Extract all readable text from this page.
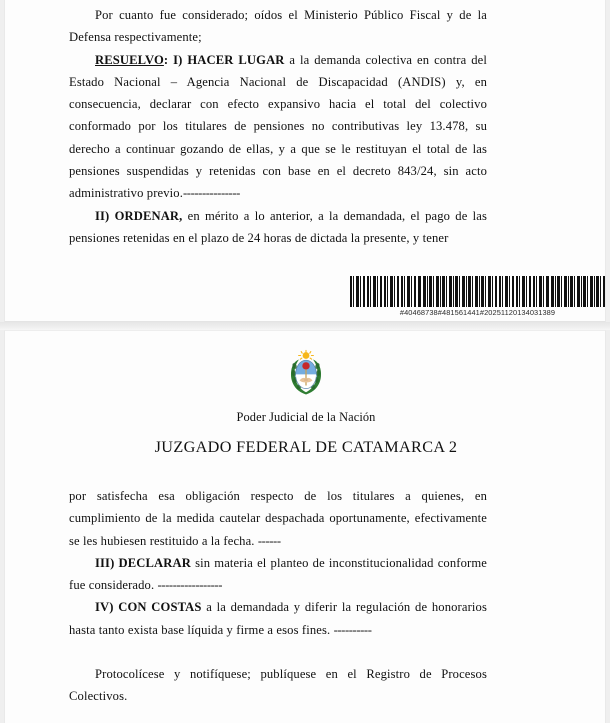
Por cuanto fue considerado; oídos el Ministerio Público Fiscal y de la Defensa respectivamente;

RESUELVO: I) HACER LUGAR a la demanda colectiva en contra del Estado Nacional – Agencia Nacional de Discapacidad (ANDIS) y, en consecuencia, declarar con efecto expansivo hacia el total del colectivo conformado por los titulares de pensiones no contributivas ley 13.478, su derecho a continuar gozando de ellas, y a que se le restituyan el total de las pensiones suspendidas y retenidas con base en el decreto 843/24, sin acto administrativo previo.---------------

II) ORDENAR, en mérito a lo anterior, a la demandada, el pago de las pensiones retenidas en el plazo de 24 horas de dictada la presente, y tener

#40468738#481561441#20251120134031389
Poder Judicial de la Nación
JUZGADO FEDERAL DE CATAMARCA 2

por satisfecha esa obligación respecto de los titulares a quienes, en cumplimiento de la medida cautelar despachada oportunamente, efectivamente se les hubiesen restituido a la fecha. ------

III) DECLARAR sin materia el planteo de inconstitucionalidad conforme fue considerado. -----------------

IV) CON COSTAS a la demandada y diferir la regulación de honorarios hasta tanto exista base líquida y firme a esos fines. ----------

Protocolícese y notifíquese; publíquese en el Registro de Procesos Colectivos.
